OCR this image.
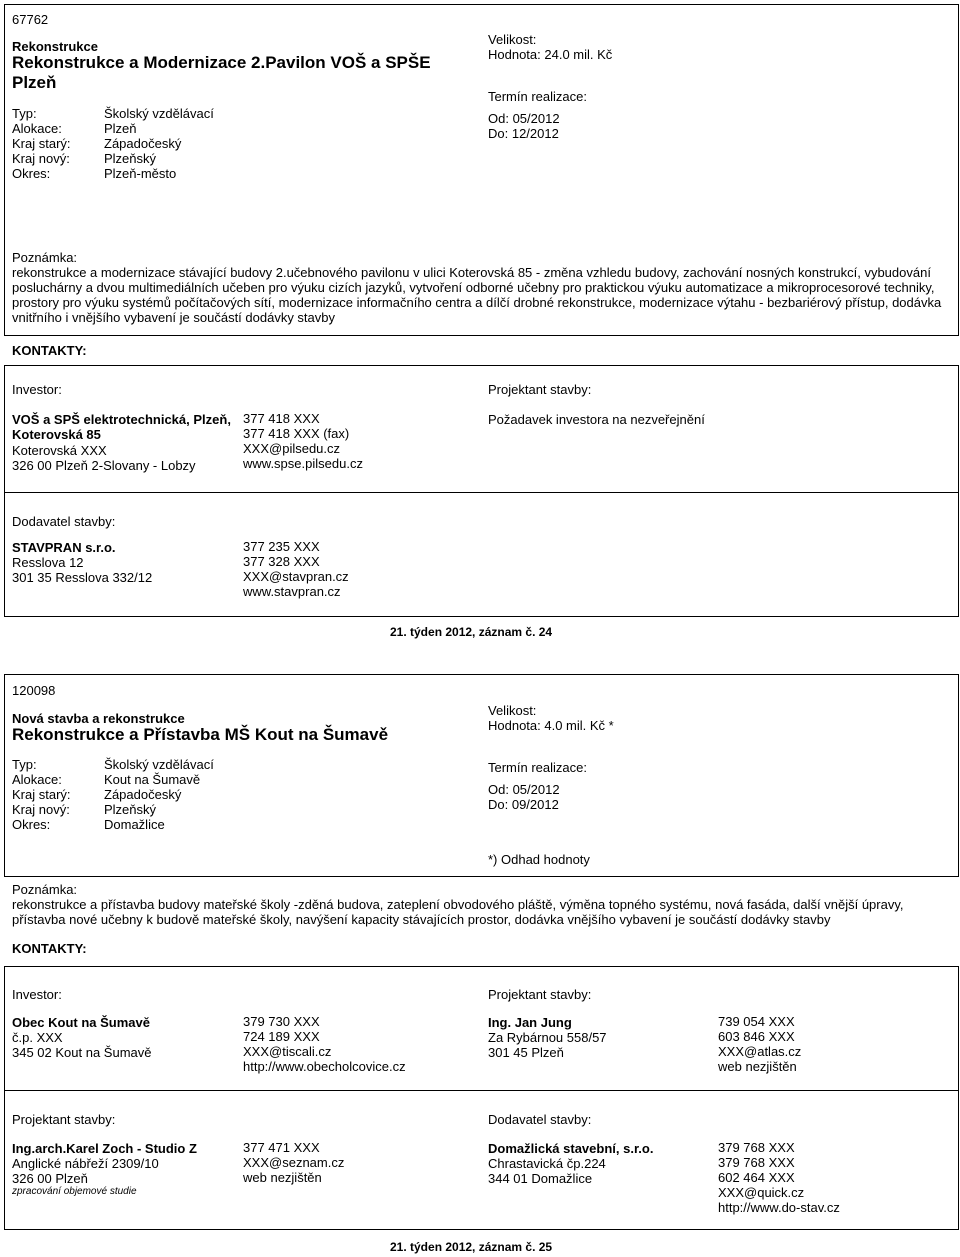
67762
Rekonstrukce
Rekonstrukce a Modernizace 2.Pavilon VOŠ a SPŠE Plzeň
Typ:	Školský vzdělávací
Alokace:	Plzeň
Kraj starý:	Západočeský
Kraj nový:	Plzeňský
Okres:	Plzeň-město
Velikost:
Hodnota: 24.0 mil. Kč
Termín realizace:
Od: 05/2012
Do: 12/2012
Poznámka:
rekonstrukce a modernizace stávající budovy 2.učebnového pavilonu v ulici Koterovská 85 - změna vzhledu budovy, zachování nosných konstrukcí, vybudování posluchárny a dvou multimediálních učeben pro výuku cizích jazyků, vytvoření odborné učebny pro praktickou výuku automatizace a mikroprocesorové techniky, prostory pro výuku systémů počítačových sítí, modernizace informačního centra a dílčí drobné rekonstrukce, modernizace výtahu - bezbariérový přístup, dodávka vnitřního i vnějšího vybavení je součástí dodávky stavby
KONTAKTY:
Investor:
VOŠ a SPŠ elektrotechnická, Plzeň, Koterovská 85
Koterovská XXX
326 00 Plzeň 2-Slovany - Lobzy
377 418 XXX
377 418 XXX (fax)
XXX@pilsedu.cz
www.spse.pilsedu.cz
Projektant stavby:
Požadavek investora na nezveřejnění
Dodavatel stavby:
STAVPRAN s.r.o.
Resslova 12
301 35 Resslova 332/12
377 235 XXX
377 328 XXX
XXX@stavpran.cz
www.stavpran.cz
21. týden 2012, záznam č. 24
120098
Nová stavba a rekonstrukce
Rekonstrukce a Přístavba MŠ Kout na Šumavě
Typ:	Školský vzdělávací
Alokace:	Kout na Šumavě
Kraj starý:	Západočeský
Kraj nový:	Plzeňský
Okres:	Domažlice
Velikost:
Hodnota: 4.0 mil. Kč *
Termín realizace:
Od: 05/2012
Do: 09/2012
*) Odhad hodnoty
Poznámka:
rekonstrukce a přístavba budovy mateřské školy -zděná budova, zateplení obvodového pláště, výměna topného systému, nová fasáda, další vnější úpravy, přístavba nové učebny k budově mateřské školy, navýšení kapacity stávajících prostor, dodávka vnějšího vybavení je součástí dodávky stavby
KONTAKTY:
Investor:
Obec Kout na Šumavě
č.p. XXX
345 02 Kout na Šumavě
379 730 XXX
724 189 XXX
XXX@tiscali.cz
http://www.obecholcovice.cz
Projektant stavby:
Ing. Jan Jung
Za Rybárnou 558/57
301 45 Plzeň
739 054 XXX
603 846 XXX
XXX@atlas.cz
web nezjištěn
Projektant stavby:
Ing.arch.Karel Zoch - Studio Z
Anglické nábřeží 2309/10
326 00 Plzeň
zpracování objemové studie
377 471 XXX
XXX@seznam.cz
web nezjištěn
Dodavatel stavby:
Domažlická stavební, s.r.o.
Chrastavická čp.224
344 01 Domažlice
379 768 XXX
379 768 XXX
602 464 XXX
XXX@quick.cz
http://www.do-stav.cz
21. týden 2012, záznam č. 25
